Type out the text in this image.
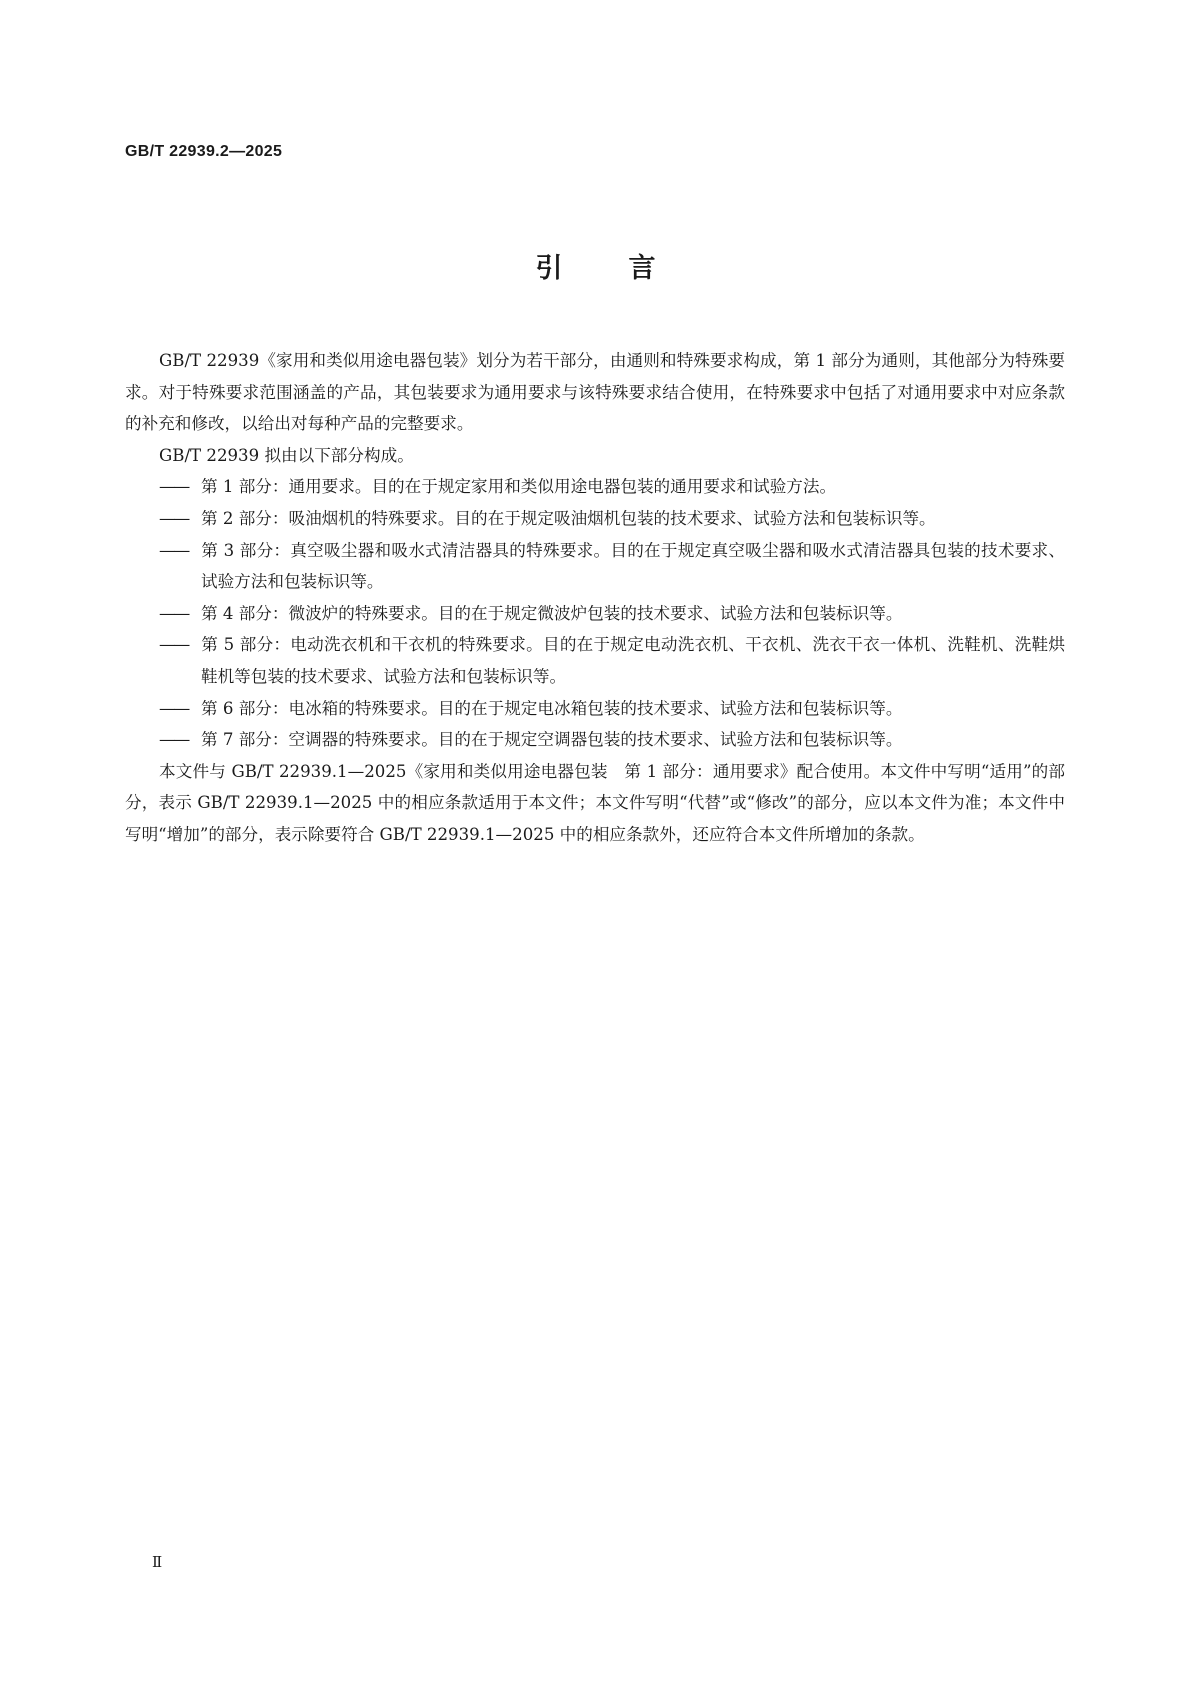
GB/T 22939.2—2025
引 言

GB/T 22939《家用和类似用途电器包装》划分为若干部分，由通则和特殊要求构成，第 1 部分为通则，其他部分为特殊要求。对于特殊要求范围涵盖的产品，其包装要求为通用要求与该特殊要求结合使用，在特殊要求中包括了对通用要求中对应条款的补充和修改，以给出对每种产品的完整要求。

GB/T 22939 拟由以下部分构成。

—— 第 1 部分：通用要求。目的在于规定家用和类似用途电器包装的通用要求和试验方法。

—— 第 2 部分：吸油烟机的特殊要求。目的在于规定吸油烟机包装的技术要求、试验方法和包装标识等。

—— 第 3 部分：真空吸尘器和吸水式清洁器具的特殊要求。目的在于规定真空吸尘器和吸水式清洁器具包装的技术要求、试验方法和包装标识等。

—— 第 4 部分：微波炉的特殊要求。目的在于规定微波炉包装的技术要求、试验方法和包装标识等。

—— 第 5 部分：电动洗衣机和干衣机的特殊要求。目的在于规定电动洗衣机、干衣机、洗衣干衣一体机、洗鞋机、洗鞋烘鞋机等包装的技术要求、试验方法和包装标识等。

—— 第 6 部分：电冰箱的特殊要求。目的在于规定电冰箱包装的技术要求、试验方法和包装标识等。

—— 第 7 部分：空调器的特殊要求。目的在于规定空调器包装的技术要求、试验方法和包装标识等。

本文件与 GB/T 22939.1—2025《家用和类似用途电器包装　第 1 部分：通用要求》配合使用。本文件中写明“适用”的部分，表示 GB/T 22939.1—2025 中的相应条款适用于本文件；本文件写明“代替”或“修改”的部分，应以本文件为准；本文件中写明“增加”的部分，表示除要符合 GB/T 22939.1—2025 中的相应条款外，还应符合本文件所增加的条款。

Ⅱ
